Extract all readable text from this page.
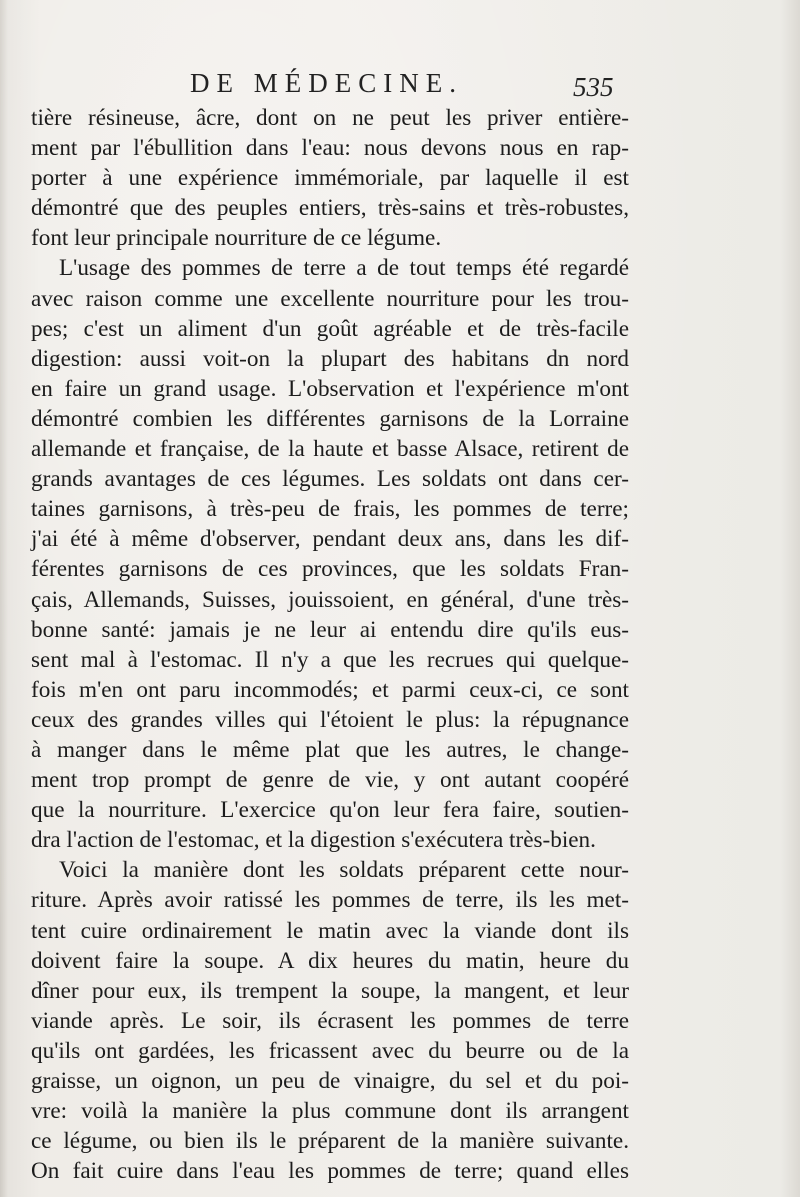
DE MÉDECINE.	535
tière résineuse, âcre, dont on ne peut les priver entière-
ment par l'ébullition dans l'eau: nous devons nous en rap-
porter à une expérience immémoriale, par laquelle il est
démontré que des peuples entiers, très-sains et très-robustes,
font leur principale nourriture de ce légume.
L'usage des pommes de terre a de tout temps été regardé
avec raison comme une excellente nourriture pour les trou-
pes; c'est un aliment d'un goût agréable et de très-facile
digestion: aussi voit-on la plupart des habitans dn nord
en faire un grand usage. L'observation et l'expérience m'ont
démontré combien les différentes garnisons de la Lorraine
allemande et française, de la haute et basse Alsace, retirent de
grands avantages de ces légumes. Les soldats ont dans cer-
taines garnisons, à très-peu de frais, les pommes de terre;
j'ai été à même d'observer, pendant deux ans, dans les dif-
férentes garnisons de ces provinces, que les soldats Fran-
çais, Allemands, Suisses, jouissoient, en général, d'une très-
bonne santé: jamais je ne leur ai entendu dire qu'ils eus-
sent mal à l'estomac. Il n'y a que les recrues qui quelque-
fois m'en ont paru incommodés; et parmi ceux-ci, ce sont
ceux des grandes villes qui l'étoient le plus: la répugnance
à manger dans le même plat que les autres, le change-
ment trop prompt de genre de vie, y ont autant coopéré
que la nourriture. L'exercice qu'on leur fera faire, soutien-
dra l'action de l'estomac, et la digestion s'exécutera très-bien.
Voici la manière dont les soldats préparent cette nour-
riture. Après avoir ratissé les pommes de terre, ils les met-
tent cuire ordinairement le matin avec la viande dont ils
doivent faire la soupe. A dix heures du matin, heure du
dîner pour eux, ils trempent la soupe, la mangent, et leur
viande après. Le soir, ils écrasent les pommes de terre
qu'ils ont gardées, les fricassent avec du beurre ou de la
graisse, un oignon, un peu de vinaigre, du sel et du poi-
vre: voilà la manière la plus commune dont ils arrangent
ce légume, ou bien ils le préparent de la manière suivante.
On fait cuire dans l'eau les pommes de terre; quand elles
